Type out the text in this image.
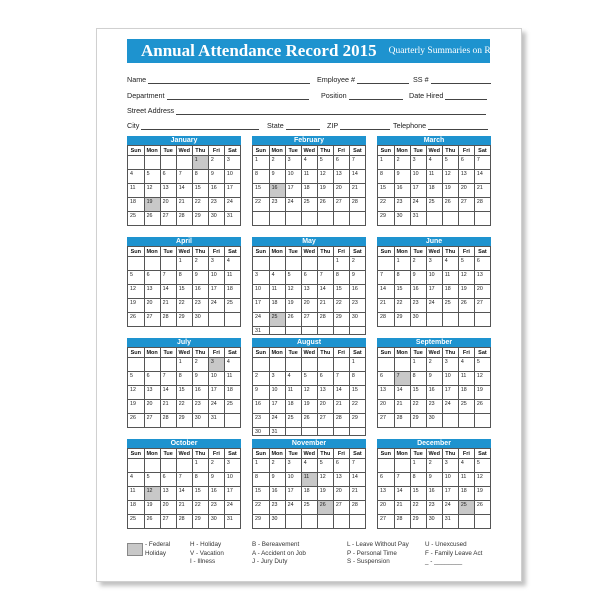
Annual Attendance Record 2015 Quarterly Summaries on Reverse
Name	Employee #	SS #
Department	Position	Date Hired
Street Address
City	State	ZIP	Telephone
January
Sun	Mon	Tue	Wed	Thu	Fri	Sat
				1	2	3
4	5	6	7	8	9	10
11	12	13	14	15	16	17
18	19	20	21	22	23	24
25	26	27	28	29	30	31
February
Sun	Mon	Tue	Wed	Thu	Fri	Sat
1	2	3	4	5	6	7
8	9	10	11	12	13	14
15	16	17	18	19	20	21
22	23	24	25	26	27	28

March
Sun	Mon	Tue	Wed	Thu	Fri	Sat
1	2	3	4	5	6	7
8	9	10	11	12	13	14
15	16	17	18	19	20	21
22	23	24	25	26	27	28
29	30	31				
April
Sun	Mon	Tue	Wed	Thu	Fri	Sat
			1	2	3	4
5	6	7	8	9	10	11
12	13	14	15	16	17	18
19	20	21	22	23	24	25
26	27	28	29	30		
May
Sun	Mon	Tue	Wed	Thu	Fri	Sat
					1	2
3	4	5	6	7	8	9
10	11	12	13	14	15	16
17	18	19	20	21	22	23
24	25	26	27	28	29	30
31						
June
Sun	Mon	Tue	Wed	Thu	Fri	Sat
	1	2	3	4	5	6
7	8	9	10	11	12	13
14	15	16	17	18	19	20
21	22	23	24	25	26	27
28	29	30				
July
Sun	Mon	Tue	Wed	Thu	Fri	Sat
			1	2	3	4
5	6	7	8	9	10	11
12	13	14	15	16	17	18
19	20	21	22	23	24	25
26	27	28	29	30	31	
August
Sun	Mon	Tue	Wed	Thu	Fri	Sat
						1
2	3	4	5	6	7	8
9	10	11	12	13	14	15
16	17	18	19	20	21	22
23	24	25	26	27	28	29
30	31					
September
Sun	Mon	Tue	Wed	Thu	Fri	Sat
		1	2	3	4	5
6	7	8	9	10	11	12
13	14	15	16	17	18	19
20	21	22	23	24	25	26
27	28	29	30			
October
Sun	Mon	Tue	Wed	Thu	Fri	Sat
				1	2	3
4	5	6	7	8	9	10
11	12	13	14	15	16	17
18	19	20	21	22	23	24
25	26	27	28	29	30	31
November
Sun	Mon	Tue	Wed	Thu	Fri	Sat
1	2	3	4	5	6	7
8	9	10	11	12	13	14
15	16	17	18	19	20	21
22	23	24	25	26	27	28
29	30					
December
Sun	Mon	Tue	Wed	Thu	Fri	Sat
		1	2	3	4	5
6	7	8	9	10	11	12
13	14	15	16	17	18	19
20	21	22	23	24	25	26
27	28	29	30	31		
- Federal
Holiday
H - Holiday
V - Vacation
I - Illness
B - Bereavement
A - Accident on Job
J - Jury Duty
L - Leave Without Pay
P - Personal Time
S - Suspension
U - Unexcused
F - Family Leave Act
_ - ________
